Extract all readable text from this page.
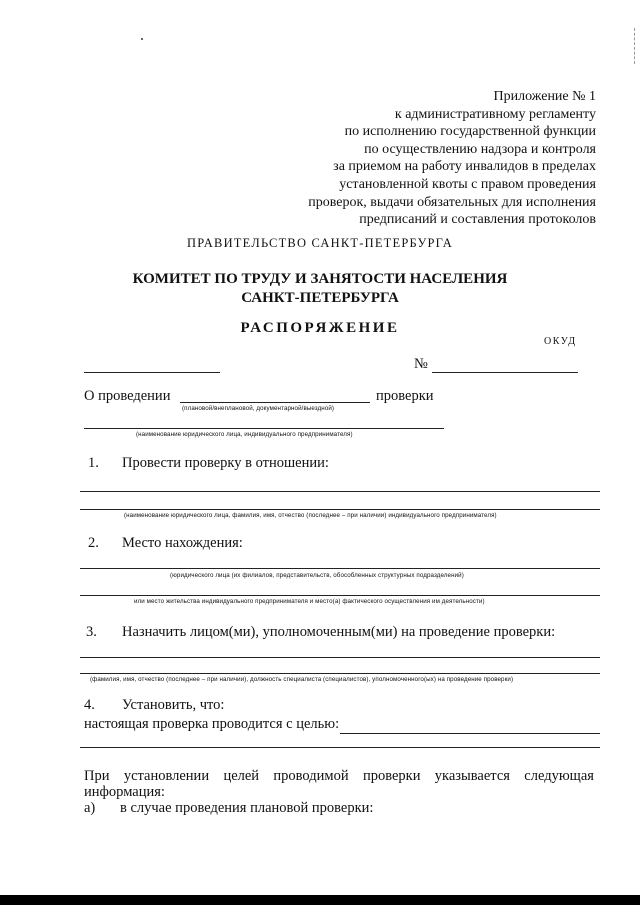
Приложение № 1
к административному регламенту
по исполнению государственной функции
по осуществлению надзора и контроля
за приемом на работу инвалидов в пределах
установленной квоты с правом проведения
проверок, выдачи обязательных для исполнения
предписаний и составления протоколов
ПРАВИТЕЛЬСТВО САНКТ-ПЕТЕРБУРГА
КОМИТЕТ ПО ТРУДУ И ЗАНЯТОСТИ НАСЕЛЕНИЯ
САНКТ-ПЕТЕРБУРГА
РАСПОРЯЖЕНИЕ
ОКУД
№
О проведении	проверки
(плановой/внеплановой, документарной/выездной)
(наименование юридического лица, индивидуального предпринимателя)
1. Провести проверку в отношении:
(наименование юридического лица, фамилия, имя, отчество (последнее – при наличии) индивидуального предпринимателя)
2. Место нахождения:
(юридического лица (их филиалов, представительств, обособленных структурных подразделений)
или место жительства индивидуального предпринимателя и место(а) фактического осуществления им деятельности)
3. Назначить лицом(ми), уполномоченным(ми) на проведение проверки:
(фамилия, имя, отчество (последнее – при наличии), должность специалиста (специалистов), уполномоченного(ых) на проведение проверки)
4. Установить, что:
настоящая проверка проводится с целью:
При установлении целей проводимой проверки указывается следующая
информация:
а) в случае проведения плановой проверки:
